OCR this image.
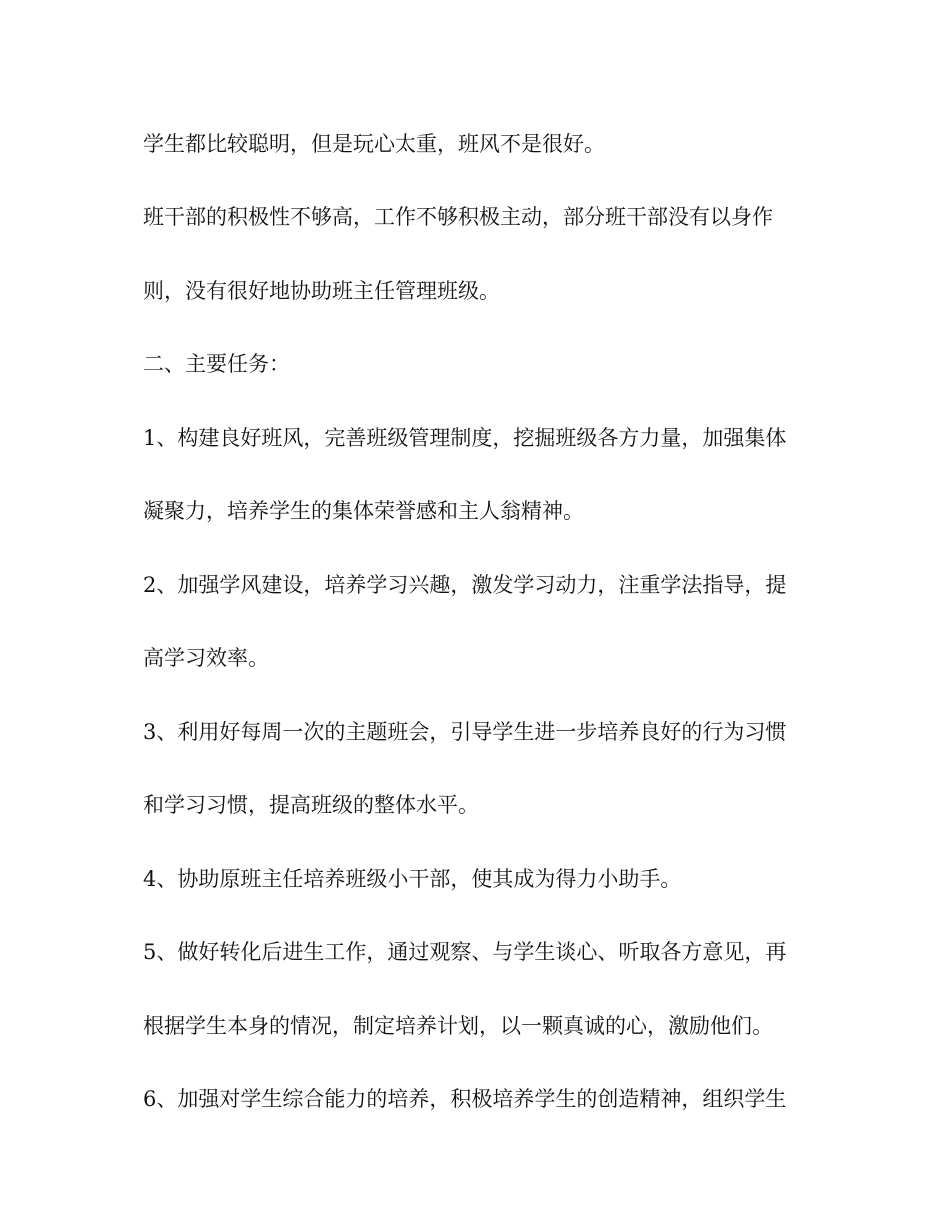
学生都比较聪明，但是玩心太重，班风不是很好。
班干部的积极性不够高，工作不够积极主动，部分班干部没有以身作
则，没有很好地协助班主任管理班级。
二、主要任务：
1、构建良好班风，完善班级管理制度，挖掘班级各方力量，加强集体
凝聚力，培养学生的集体荣誉感和主人翁精神。
2、加强学风建设，培养学习兴趣，激发学习动力，注重学法指导，提
高学习效率。
3、利用好每周一次的主题班会，引导学生进一步培养良好的行为习惯
和学习习惯，提高班级的整体水平。
4、协助原班主任培养班级小干部，使其成为得力小助手。
5、做好转化后进生工作，通过观察、与学生谈心、听取各方意见，再
根据学生本身的情况，制定培养计划，以一颗真诚的心，激励他们。
6、加强对学生综合能力的培养，积极培养学生的创造精神，组织学生
